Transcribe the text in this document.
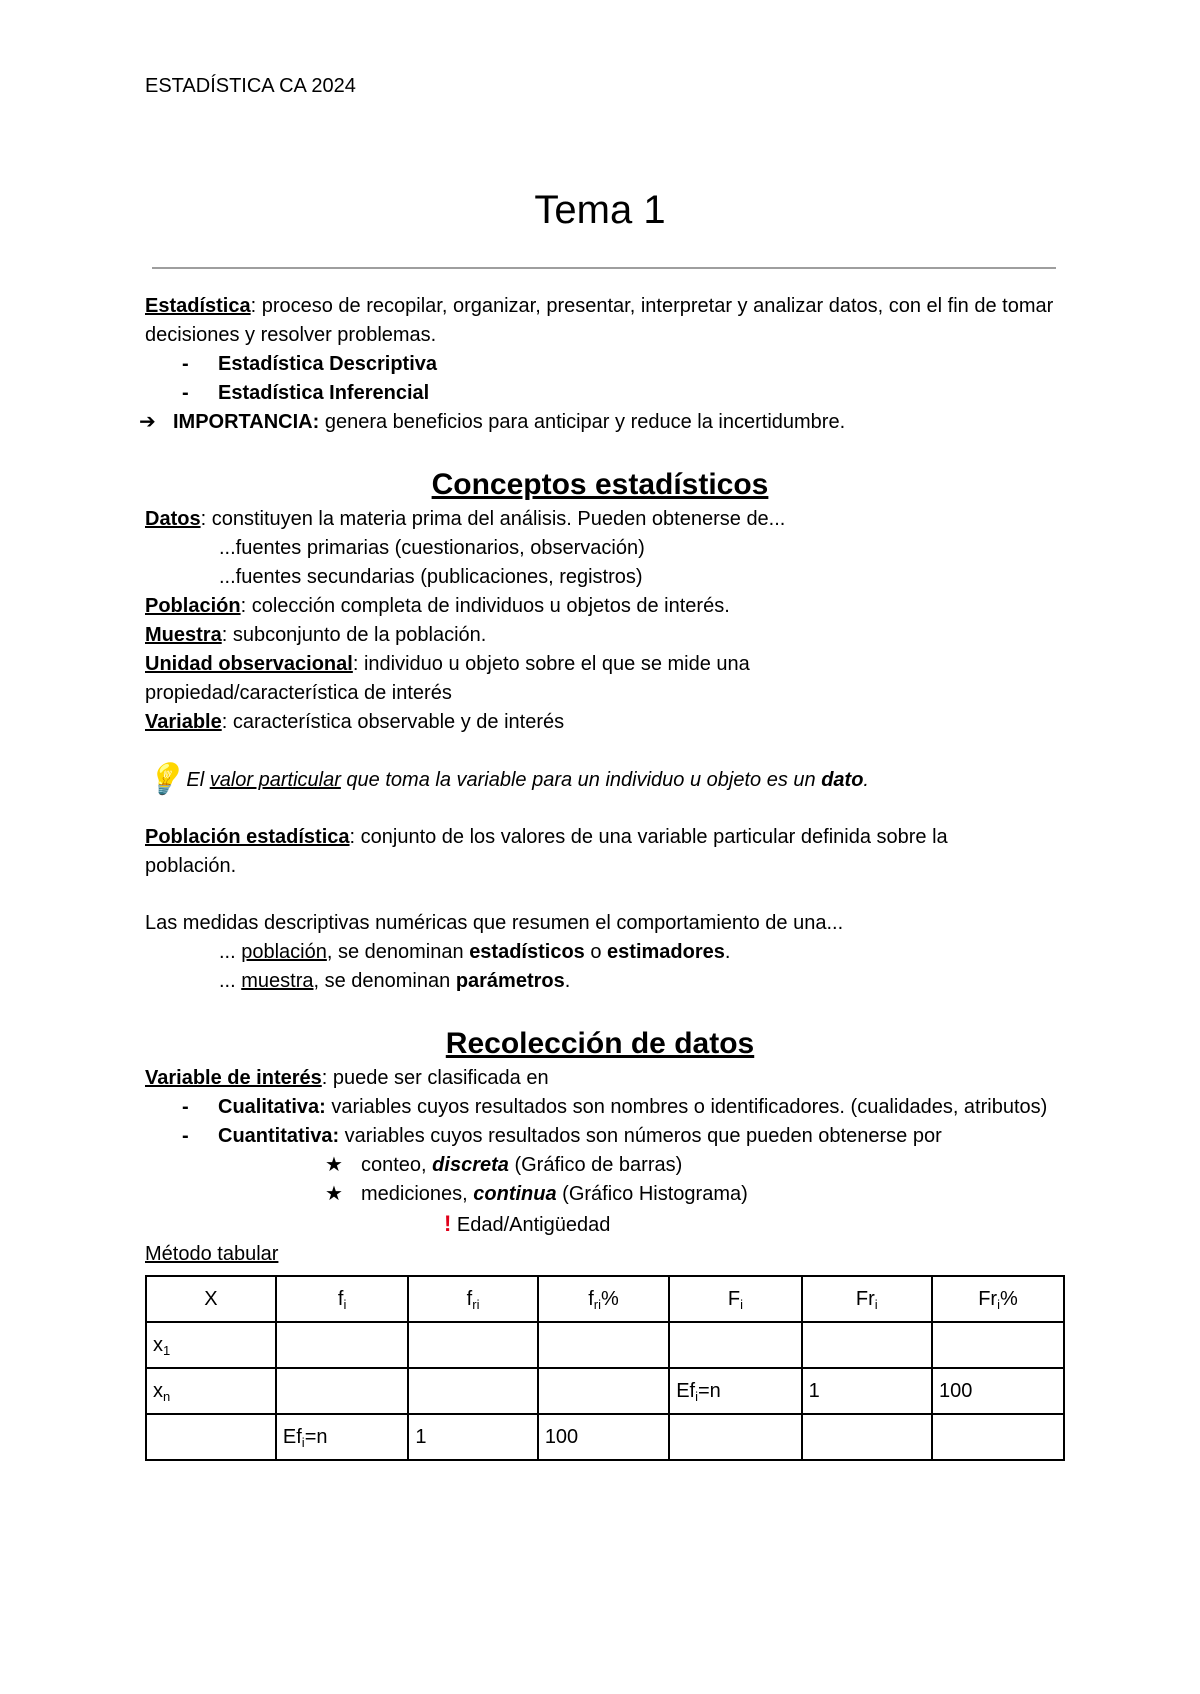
ESTADÍSTICA CA 2024
Tema 1
Estadística: proceso de recopilar, organizar, presentar, interpretar y analizar datos, con el fin de tomar decisiones y resolver problemas.
-	Estadística Descriptiva
-	Estadística Inferencial
➔ IMPORTANCIA: genera beneficios para anticipar y reduce la incertidumbre.
Conceptos estadísticos
Datos: constituyen la materia prima del análisis. Pueden obtenerse de...
...fuentes primarias (cuestionarios, observación)
...fuentes secundarias (publicaciones, registros)
Población: colección completa de individuos u objetos de interés.
Muestra: subconjunto de la población.
Unidad observacional: individuo u objeto sobre el que se mide una
propiedad/característica de interés
Variable: característica observable y de interés
💡 El valor particular que toma la variable para un individuo u objeto es un dato.
Población estadística: conjunto de los valores de una variable particular definida sobre la
población.
Las medidas descriptivas numéricas que resumen el comportamiento de una...
... población, se denominan estadísticos o estimadores.
... muestra, se denominan parámetros.
Recolección de datos
Variable de interés: puede ser clasificada en
-	Cualitativa: variables cuyos resultados son nombres o identificadores. (cualidades, atributos)
-	Cuantitativa: variables cuyos resultados son números que pueden obtenerse por
★ conteo, discreta (Gráfico de barras)
★ mediciones, continua (Gráfico Histograma)
! Edad/Antigüedad
Método tabular
X	$f_i$	$f_{ri}$	$f_{ri}\%$	$F_i$	$Fr_i$	$Fr_i\%$
$x_1$						
$x_n$				$Ef_i=n$	1	100
	$Ef_i=n$	1	100			
